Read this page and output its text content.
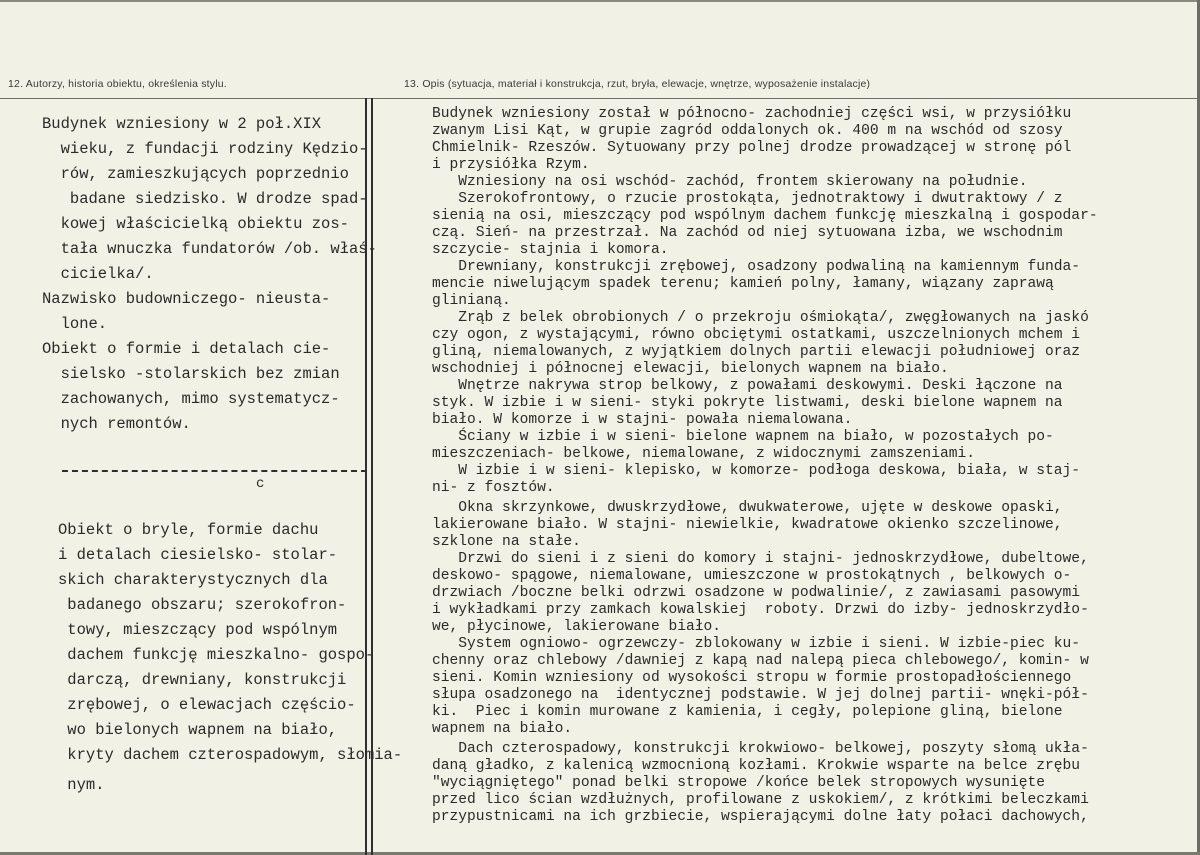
12. Autorzy, historia obiektu, określenia stylu.	13. Opis (sytuacja, materiał i konstrukcja, rzut, bryła, elewacje, wnętrze, wyposażenie instalacje)
Budynek wzniesiony w 2 poł.XIX
wieku, z fundacji rodziny Kędzio-
rów, zamieszkujących poprzednio
badane siedzisko. W drodze spad-
kowej właścicielką obiektu zos-
tała wnuczka fundatorów /ob. właś-
cicielka/.
Nazwisko budowniczego- nieusta-
lone.
Obiekt o formie i detalach cie-
sielsko -stolarskich bez zmian
zachowanych, mimo systematycz-
nych remontów.
c
Obiekt o bryle, formie dachu
i detalach ciesielsko- stolar-
skich charakterystycznych dla
badanego obszaru; szerokofron-
towy, mieszczący pod wspólnym
dachem funkcję mieszkalno- gospo-
darczą, drewniany, konstrukcji
zrębowej, o elewacjach częścio-
wo bielonych wapnem na biało,
kryty dachem czterospadowym, słomia-
nym.
Budynek wzniesiony został w północno- zachodniej części wsi, w przysiółku
zwanym Lisi Kąt, w grupie zagród oddalonych ok. 400 m na wschód od szosy
Chmielnik- Rzeszów. Sytuowany przy polnej drodze prowadzącej w stronę pól
i przysiółka Rzym.
Wzniesiony na osi wschód- zachód, frontem skierowany na południe.
Szerokofrontowy, o rzucie prostokąta, jednotraktowy i dwutraktowy / z
sienią na osi, mieszczący pod wspólnym dachem funkcję mieszkalną i gospodar-
czą. Sień- na przestrzał. Na zachód od niej sytuowana izba, we wschodnim
szczycie- stajnia i komora.
Drewniany, konstrukcji zrębowej, osadzony podwaliną na kamiennym funda-
mencie niwelującym spadek terenu; kamień polny, łamany, wiązany zaprawą
glinianą.
Zrąb z belek obrobionych / o przekroju ośmiokąta/, zwęgłowanych na jaskó
czy ogon, z wystającymi, równo obciętymi ostatkami, uszczelnionych mchem i
gliną, niemalowanych, z wyjątkiem dolnych partii elewacji południowej oraz
wschodniej i północnej elewacji, bielonych wapnem na biało.
Wnętrze nakrywa strop belkowy, z powałami deskowymi. Deski łączone na
styk. W izbie i w sieni- styki pokryte listwami, deski bielone wapnem na
biało. W komorze i w stajni- powała niemalowana.
Ściany w izbie i w sieni- bielone wapnem na biało, w pozostałych po-
mieszczeniach- belkowe, niemalowane, z widocznymi zamszeniami.
W izbie i w sieni- klepisko, w komorze- podłoga deskowa, biała, w staj-
ni- z fosztów.
Okna skrzynkowe, dwuskrzydłowe, dwukwaterowe, ujęte w deskowe opaski,
lakierowane biało. W stajni- niewielkie, kwadratowe okienko szczelinowe,
szklone na stałe.
Drzwi do sieni i z sieni do komory i stajni- jednoskrzydłowe, dubeltowe,
deskowo- spągowe, niemalowane, umieszczone w prostokątnych , belkowych o-
drzwiach /boczne belki odrzwi osadzone w podwalinie/, z zawiasami pasowymi
i wykładkami przy zamkach kowalskiej  roboty. Drzwi do izby- jednoskrzydło-
we, płycinowe, lakierowane biało.
System ogniowo- ogrzewczy- zblokowany w izbie i sieni. W izbie-piec ku-
chenny oraz chlebowy /dawniej z kapą nad nalepą pieca chlebowego/, komin- w
sieni. Komin wzniesiony od wysokości stropu w formie prostopadłościennego
słupa osadzonego na  identycznej podstawie. W jej dolnej partii- wnęki-pół-
ki.  Piec i komin murowane z kamienia, i cegły, polepione gliną, bielone
wapnem na biało.
Dach czterospadowy, konstrukcji krokwiowo- belkowej, poszyty słomą ukła-
daną gładko, z kalenicą wzmocnioną kozłami. Krokwie wsparte na belce zrębu
"wyciągniętego" ponad belki stropowe /końce belek stropowych wysunięte
przed lico ścian wzdłużnych, profilowane z uskokiem/, z krótkimi beleczkami
przypustnicami na ich grzbiecie, wspierającymi dolne łaty połaci dachowych,
